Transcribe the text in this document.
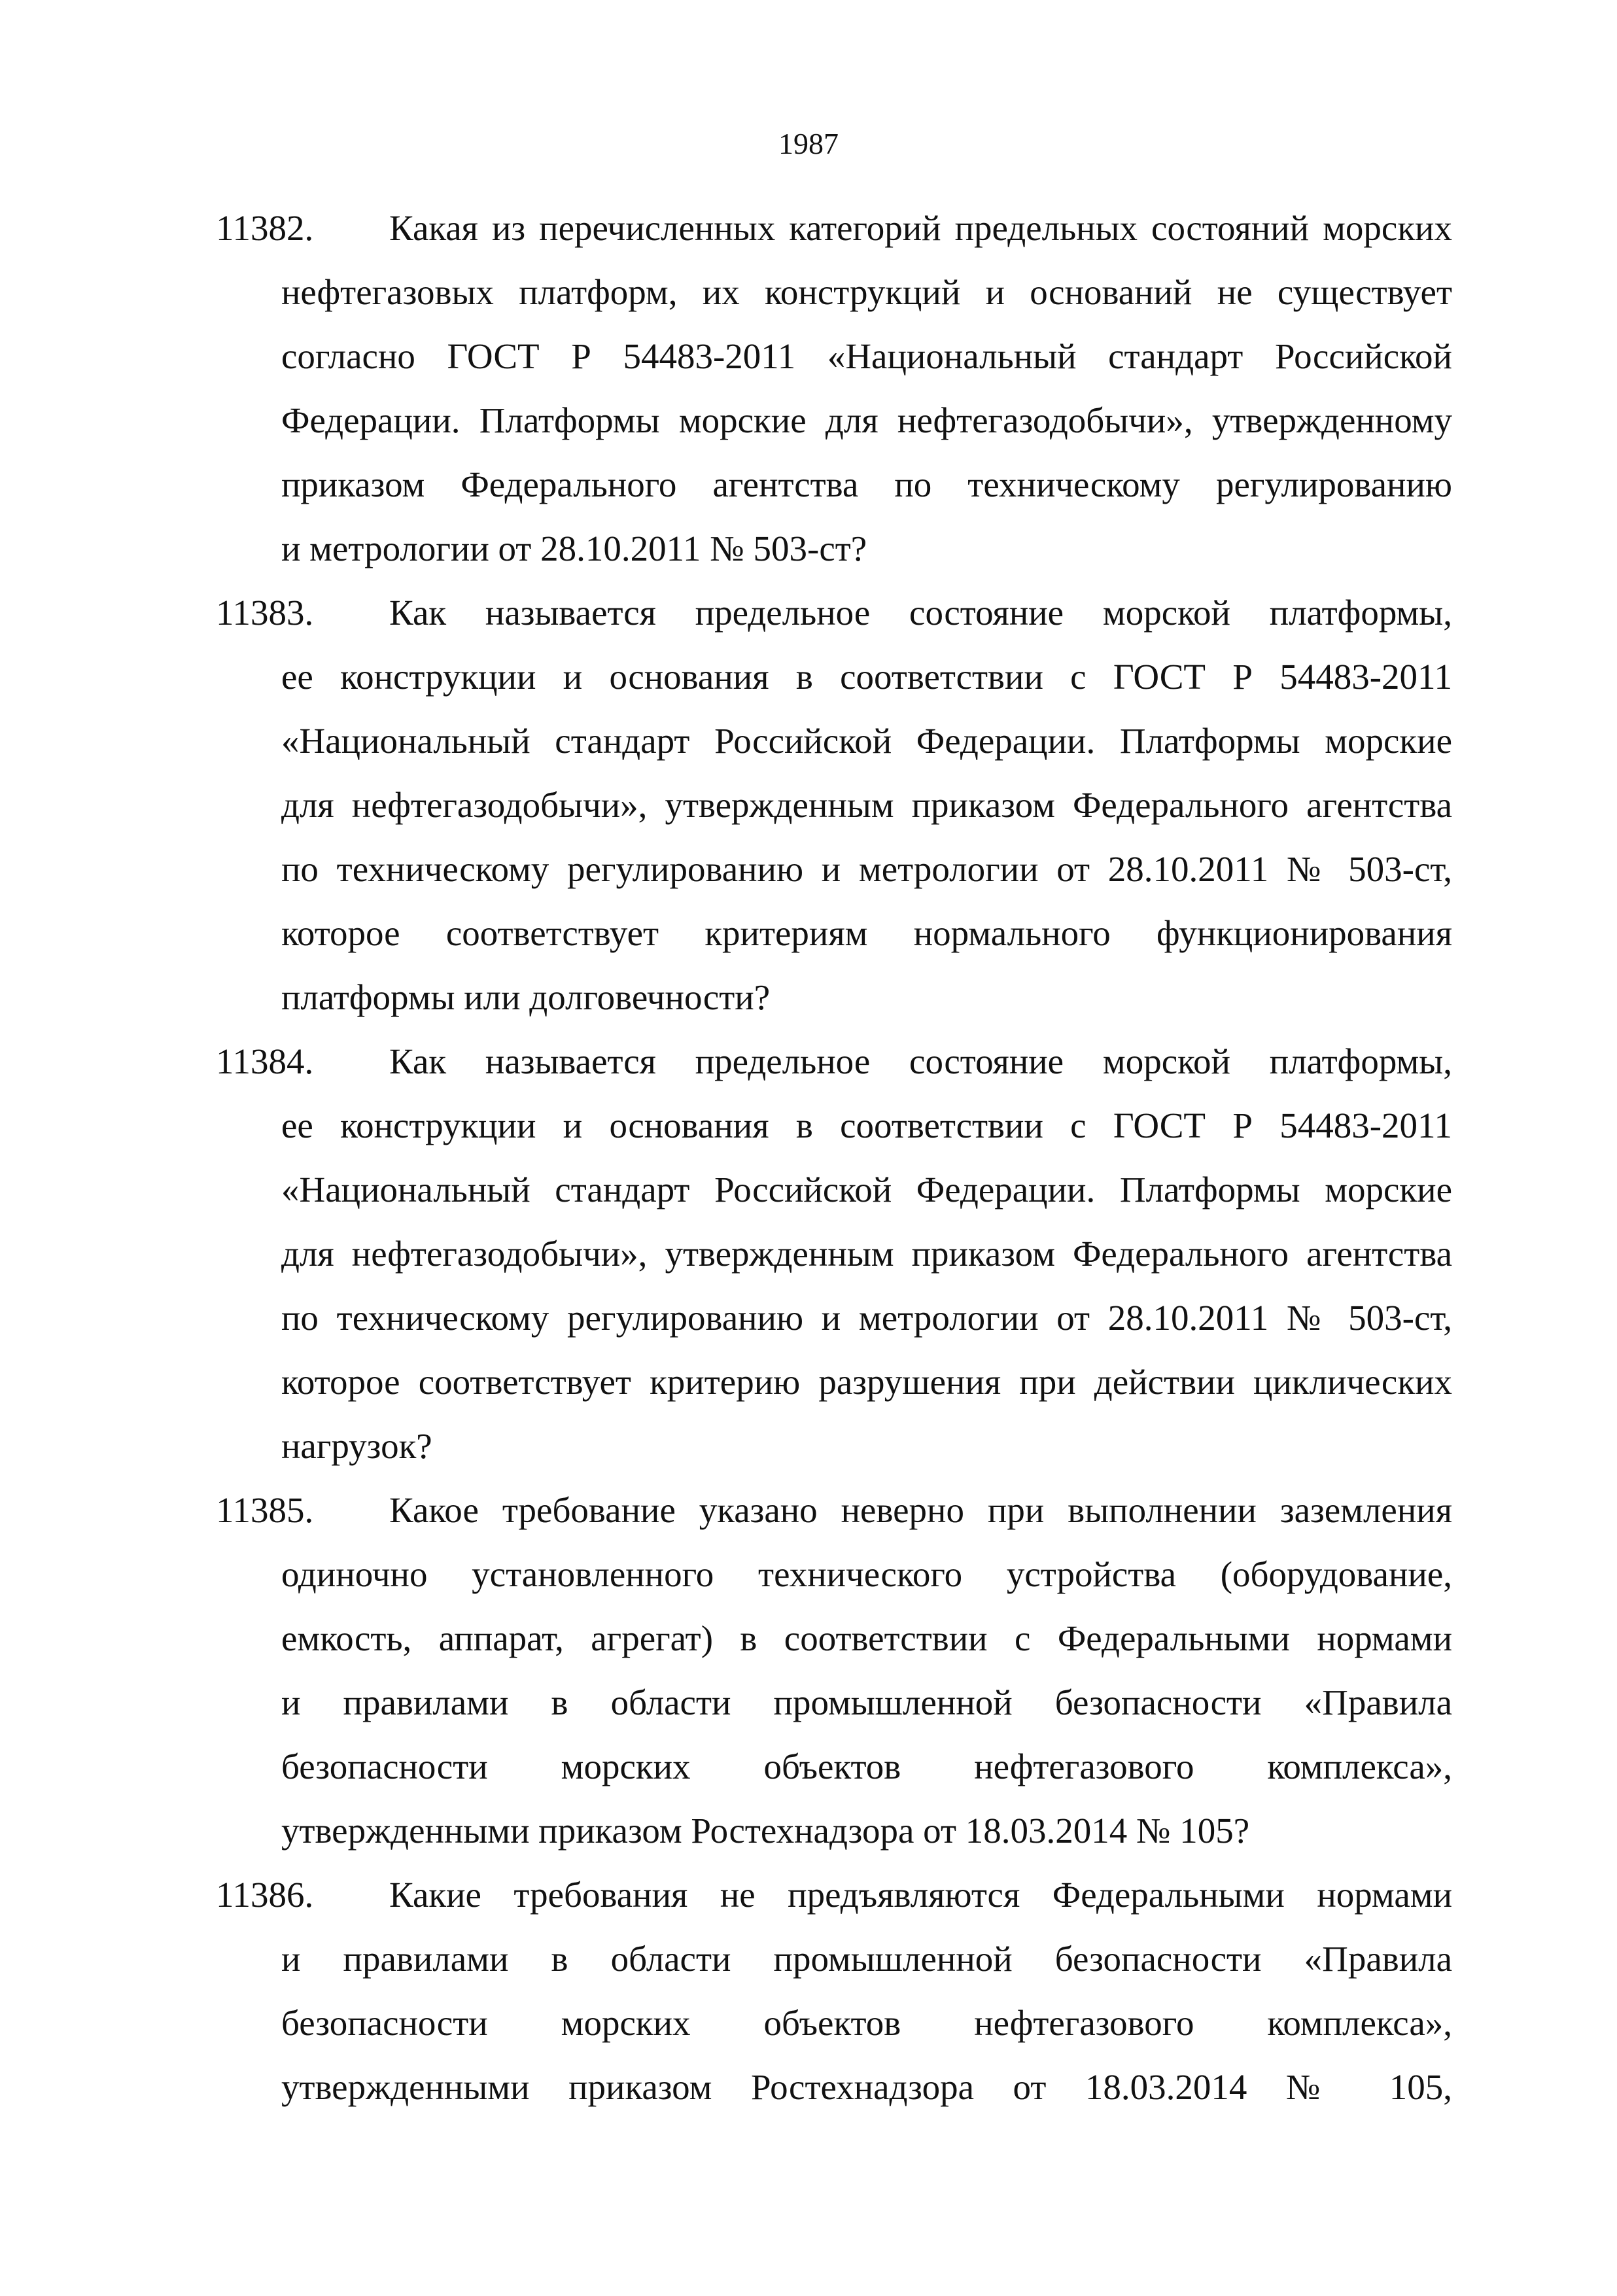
1987
11382. Какая из перечисленных категорий предельных состояний морских
нефтегазовых платформ, их конструкций и оснований не существует
согласно ГОСТ Р 54483-2011 «Национальный стандарт Российской
Федерации. Платформы морские для нефтегазодобычи», утвержденному
приказом Федерального агентства по техническому регулированию
и метрологии от 28.10.2011 № 503-ст?
11383. Как называется предельное состояние морской платформы,
ее конструкции и основания в соответствии с ГОСТ Р 54483-2011
«Национальный стандарт Российской Федерации. Платформы морские
для нефтегазодобычи», утвержденным приказом Федерального агентства
по техническому регулированию и метрологии от 28.10.2011 № 503-ст,
которое соответствует критериям нормального функционирования
платформы или долговечности?
11384. Как называется предельное состояние морской платформы,
ее конструкции и основания в соответствии с ГОСТ Р 54483-2011
«Национальный стандарт Российской Федерации. Платформы морские
для нефтегазодобычи», утвержденным приказом Федерального агентства
по техническому регулированию и метрологии от 28.10.2011 № 503-ст,
которое соответствует критерию разрушения при действии циклических
нагрузок?
11385. Какое требование указано неверно при выполнении заземления
одиночно установленного технического устройства (оборудование,
емкость, аппарат, агрегат) в соответствии с Федеральными нормами
и правилами в области промышленной безопасности «Правила
безопасности морских объектов нефтегазового комплекса»,
утвержденными приказом Ростехнадзора от 18.03.2014 № 105?
11386. Какие требования не предъявляются Федеральными нормами
и правилами в области промышленной безопасности «Правила
безопасности морских объектов нефтегазового комплекса»,
утвержденными приказом Ростехнадзора от 18.03.2014 № 105,
